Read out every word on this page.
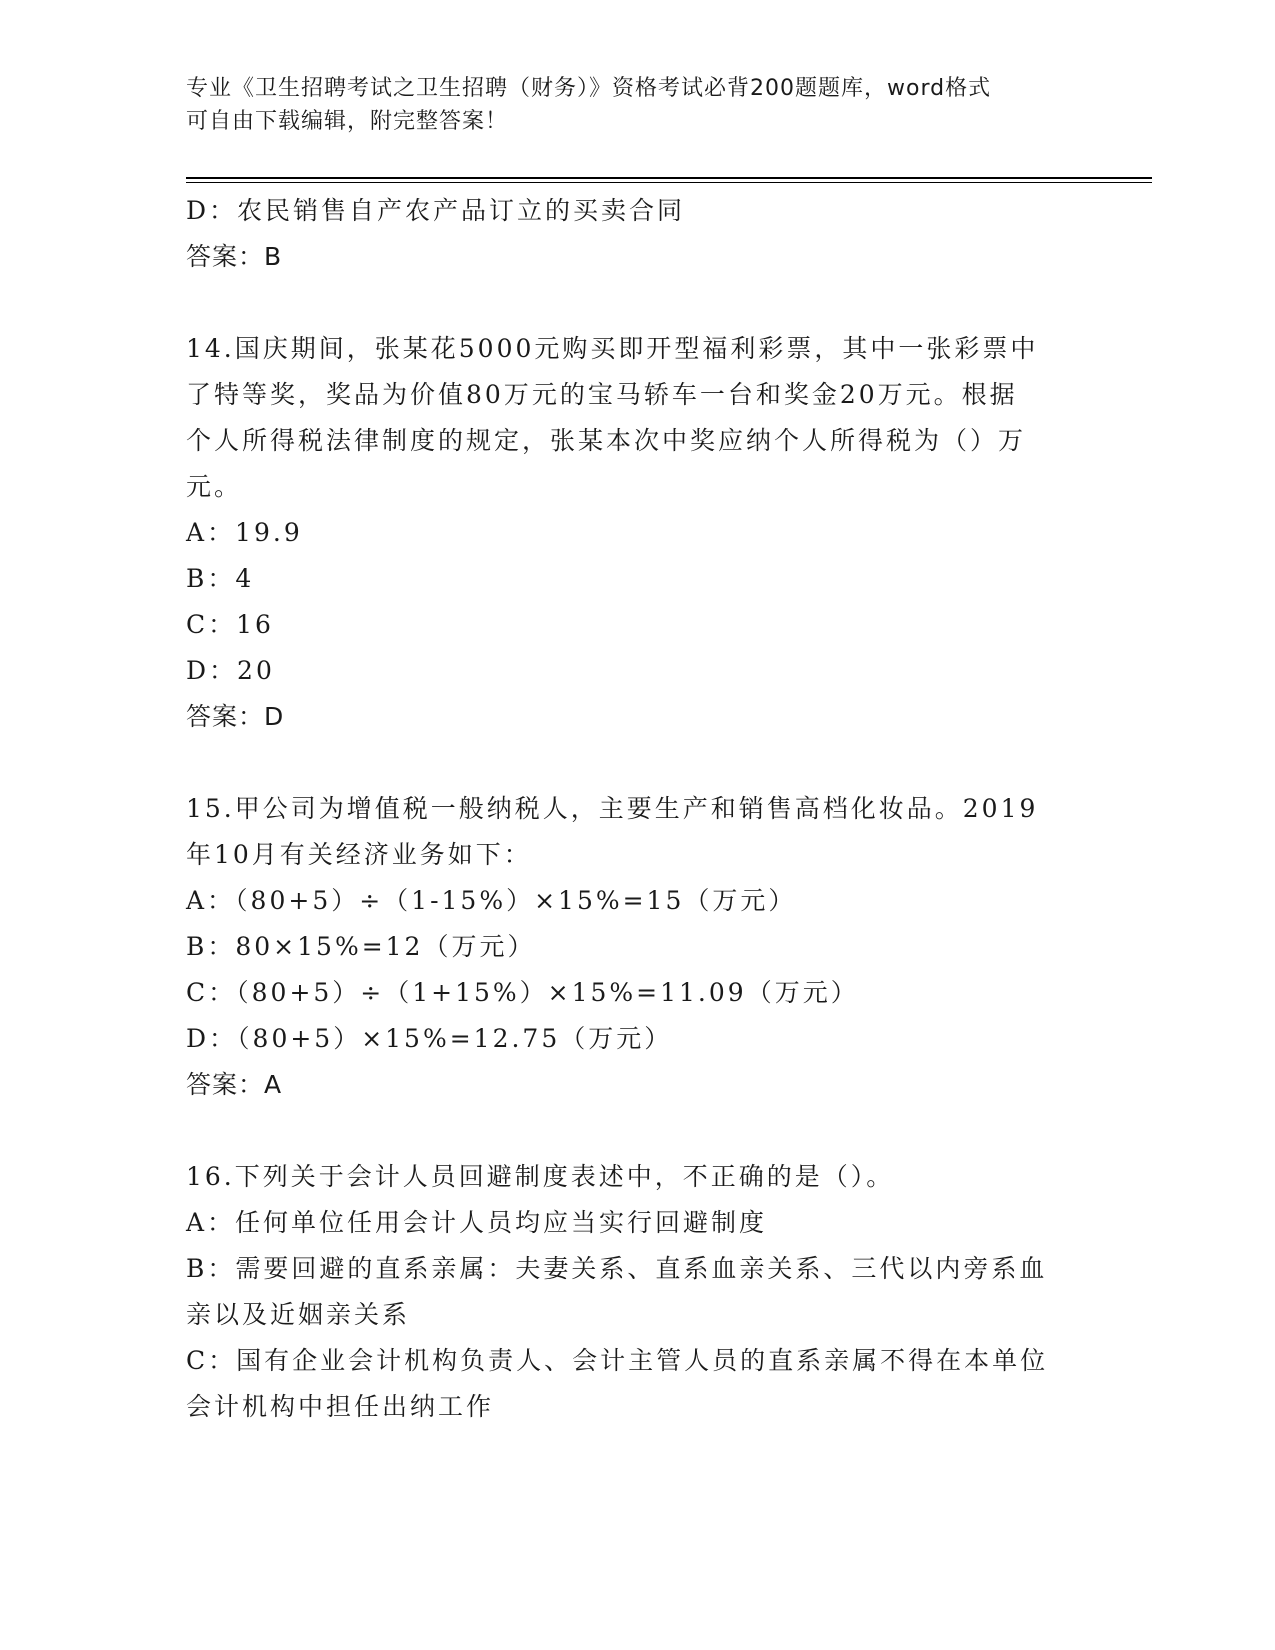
专业《卫生招聘考试之卫生招聘（财务）》资格考试必背200题题库，word格式
可自由下载编辑，附完整答案！
D：农民销售自产农产品订立的买卖合同
答案：B
14.国庆期间，张某花5000元购买即开型福利彩票，其中一张彩票中
了特等奖，奖品为价值80万元的宝马轿车一台和奖金20万元。根据
个人所得税法律制度的规定，张某本次中奖应纳个人所得税为（）万
元。
A：19.9
B：4
C：16
D：20
答案：D
15.甲公司为增值税一般纳税人，主要生产和销售高档化妆品。2019
年10月有关经济业务如下：
A：（80+5）÷（1-15%）×15%=15（万元）
B：80×15%=12（万元）
C：（80+5）÷（1+15%）×15%=11.09（万元）
D：（80+5）×15%=12.75（万元）
答案：A
16.下列关于会计人员回避制度表述中，不正确的是（）。
A：任何单位任用会计人员均应当实行回避制度
B：需要回避的直系亲属：夫妻关系、直系血亲关系、三代以内旁系血
亲以及近姻亲关系
C：国有企业会计机构负责人、会计主管人员的直系亲属不得在本单位
会计机构中担任出纳工作
